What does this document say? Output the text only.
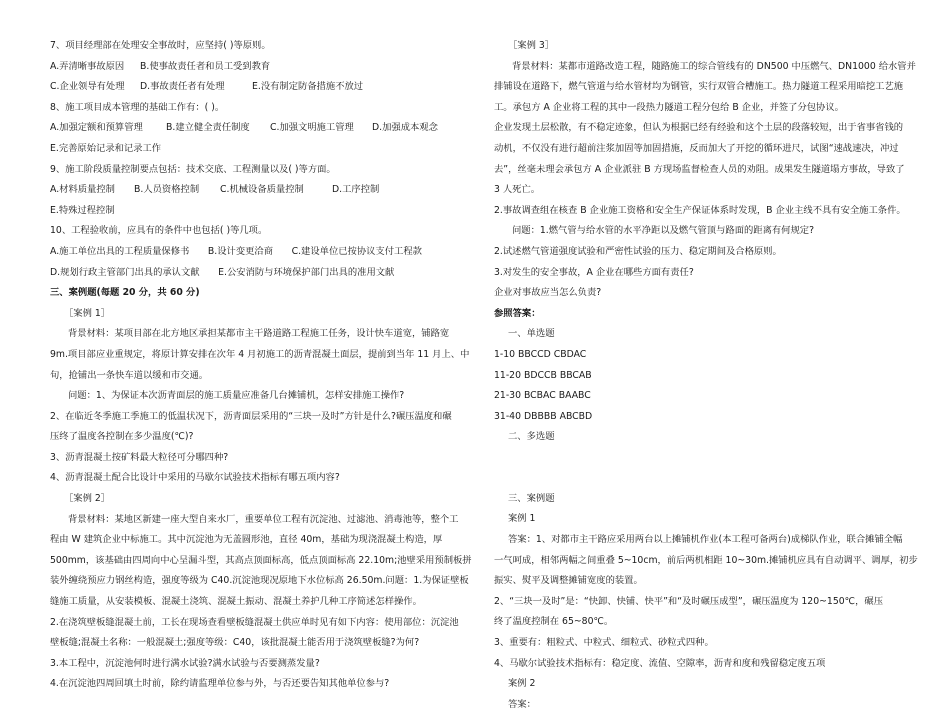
7、项目经理部在处理安全事故时，应坚持( )等原则。
A.弄清晰事故原因 B.使事故责任者和员工受到教育
C.企业领导有处理 D.事故责任者有处理	E.没有制定防备措施不放过
8、施工项目成本管理的基础工作有：( )。
A.加强定额和预算管理 B.建立健全责任制度 C.加强文明施工管理 D.加强成本观念
E.完善原始记录和记录工作
9、施工阶段质量控制要点包括：技术交底、工程测量以及( )等方面。
A.材料质量控制 B.人员资格控制 C.机械设备质量控制	D.工序控制
E.特殊过程控制
10、工程验收前，应具有的条件中也包括( )等几项。
A.施工单位出具的工程质量保修书　　B.设计变更洽商　　C.建设单位已按协议支付工程款
D.规划行政主管部门出具的承认文献　　E.公安消防与环境保护部门出具的准用文献
三、案例题(每题 20 分，共 60 分)
［案例 1］
背景材料：某项目部在北方地区承担某都市主干路道路工程施工任务，设计快车道宽，铺路宽
9m.项目部应业重规定，将原计算安排在次年 4 月初施工的沥青混凝土面层，提前到当年 11 月上、中
旬，抢铺出一条快车道以缓和市交通。
问题：1、为保证本次沥青面层的施工质量应准备几台摊铺机，怎样安排施工操作?
2、在临近冬季施工季施工的低温状况下，沥青面层采用的“三块一及时”方针是什么?碾压温度和碾
压终了温度各控制在多少温度(℃)?
3、沥青混凝土按矿料最大粒径可分哪四种?
4、沥青混凝土配合比设计中采用的马歇尔试验技术指标有哪五项内容?
［案例 2］
背景材料：某地区新建一座大型自来水厂，重要单位工程有沉淀池、过滤池、消毒池等，整个工
程由 W 建筑企业中标施工。其中沉淀池为无盖圆形池，直径 40m，基础为现浇混凝土构造，厚
500mm，该基础由四周向中心呈漏斗型，其高点顶面标高，低点顶面标高 22.10m;池壁采用预制板拼
装外缠绕预应力钢丝构造，强度等级为 C40.沉淀池现况原地下水位标高 26.50m.问题：1.为保证壁板
缝施工质量，从安装模板、混凝土浇筑、混凝土振动、混凝土养护几种工序简述怎样操作。
2.在浇筑壁板缝混凝土前，工长在现场查看壁板缝混凝土供应单时见有如下内容：使用部位：沉淀池
壁板缝;混凝土名称：一般混凝土;强度等级：C40，该批混凝土能否用于浇筑壁板缝?为何?
3.本工程中，沉淀池何时进行满水试验?满水试验与否要测蒸发量?
4.在沉淀池四周回填土时前，除约请监理单位参与外，与否还要告知其他单位参与?
［案例 3］
背景材料：某都市道路改造工程，随路施工的综合管线有的 DN500 中压燃气、DN1000 给水管并
排铺设在道路下，燃气管道与给水管材均为钢管，实行双管合槽施工。热力隧道工程采用暗挖工艺施
工。承包方 A 企业将工程的其中一段热力隧道工程分包给 B 企业，并签了分包协议。
企业发现土层松散，有不稳定迹象，但认为根据已经有经验和这个土层的段落较短，出于省事省钱的
动机，不仅没有进行超前注浆加固等加固措施，反而加大了开挖的循环进尺，试图“速战速决，冲过
去”，丝毫未理会承包方 A 企业派驻 B 方现场监督检查人员的劝阻。成果发生隧道塌方事故，导致了
3 人死亡。
2.事故调查组在核查 B 企业施工资格和安全生产保证体系时发现，B 企业主线不具有安全施工条件。
问题：1.燃气管与给水管的水平净距以及燃气管顶与路面的距离有何规定?
2.试述燃气管道强度试验和严密性试验的压力、稳定期间及合格原则。
3.对发生的安全事故，A 企业在哪些方面有责任?
企业对事故应当怎么负责?
参照答案：
一、单选题
1-10 BBCCD CBDAC
11-20 BDCCB BBCAB
21-30 BCBAC BAABC
31-40 DBBBB ABCBD
二、多选题
三、案例题
案例 1
答案：1、对都市主干路应采用两台以上摊铺机作业(本工程可备两台)成梯队作业，联合摊铺全幅
一气呵成，相邻两幅之间重叠 5~10cm，前后两机相距 10~30m.摊铺机应具有自动调平、调厚，初步
振实、熨平及调整摊铺宽度的装置。
2、“三块一及时”是：“快卸、快铺、快平”和“及时碾压成型”，碾压温度为 120~150℃，碾压
终了温度控制在 65~80℃。
3、重要有：粗粒式、中粒式、细粒式、砂粒式四种。
4、马歇尔试验技术指标有：稳定度、流值、空隙率，沥青和度和残留稳定度五项
案例 2
答案：
